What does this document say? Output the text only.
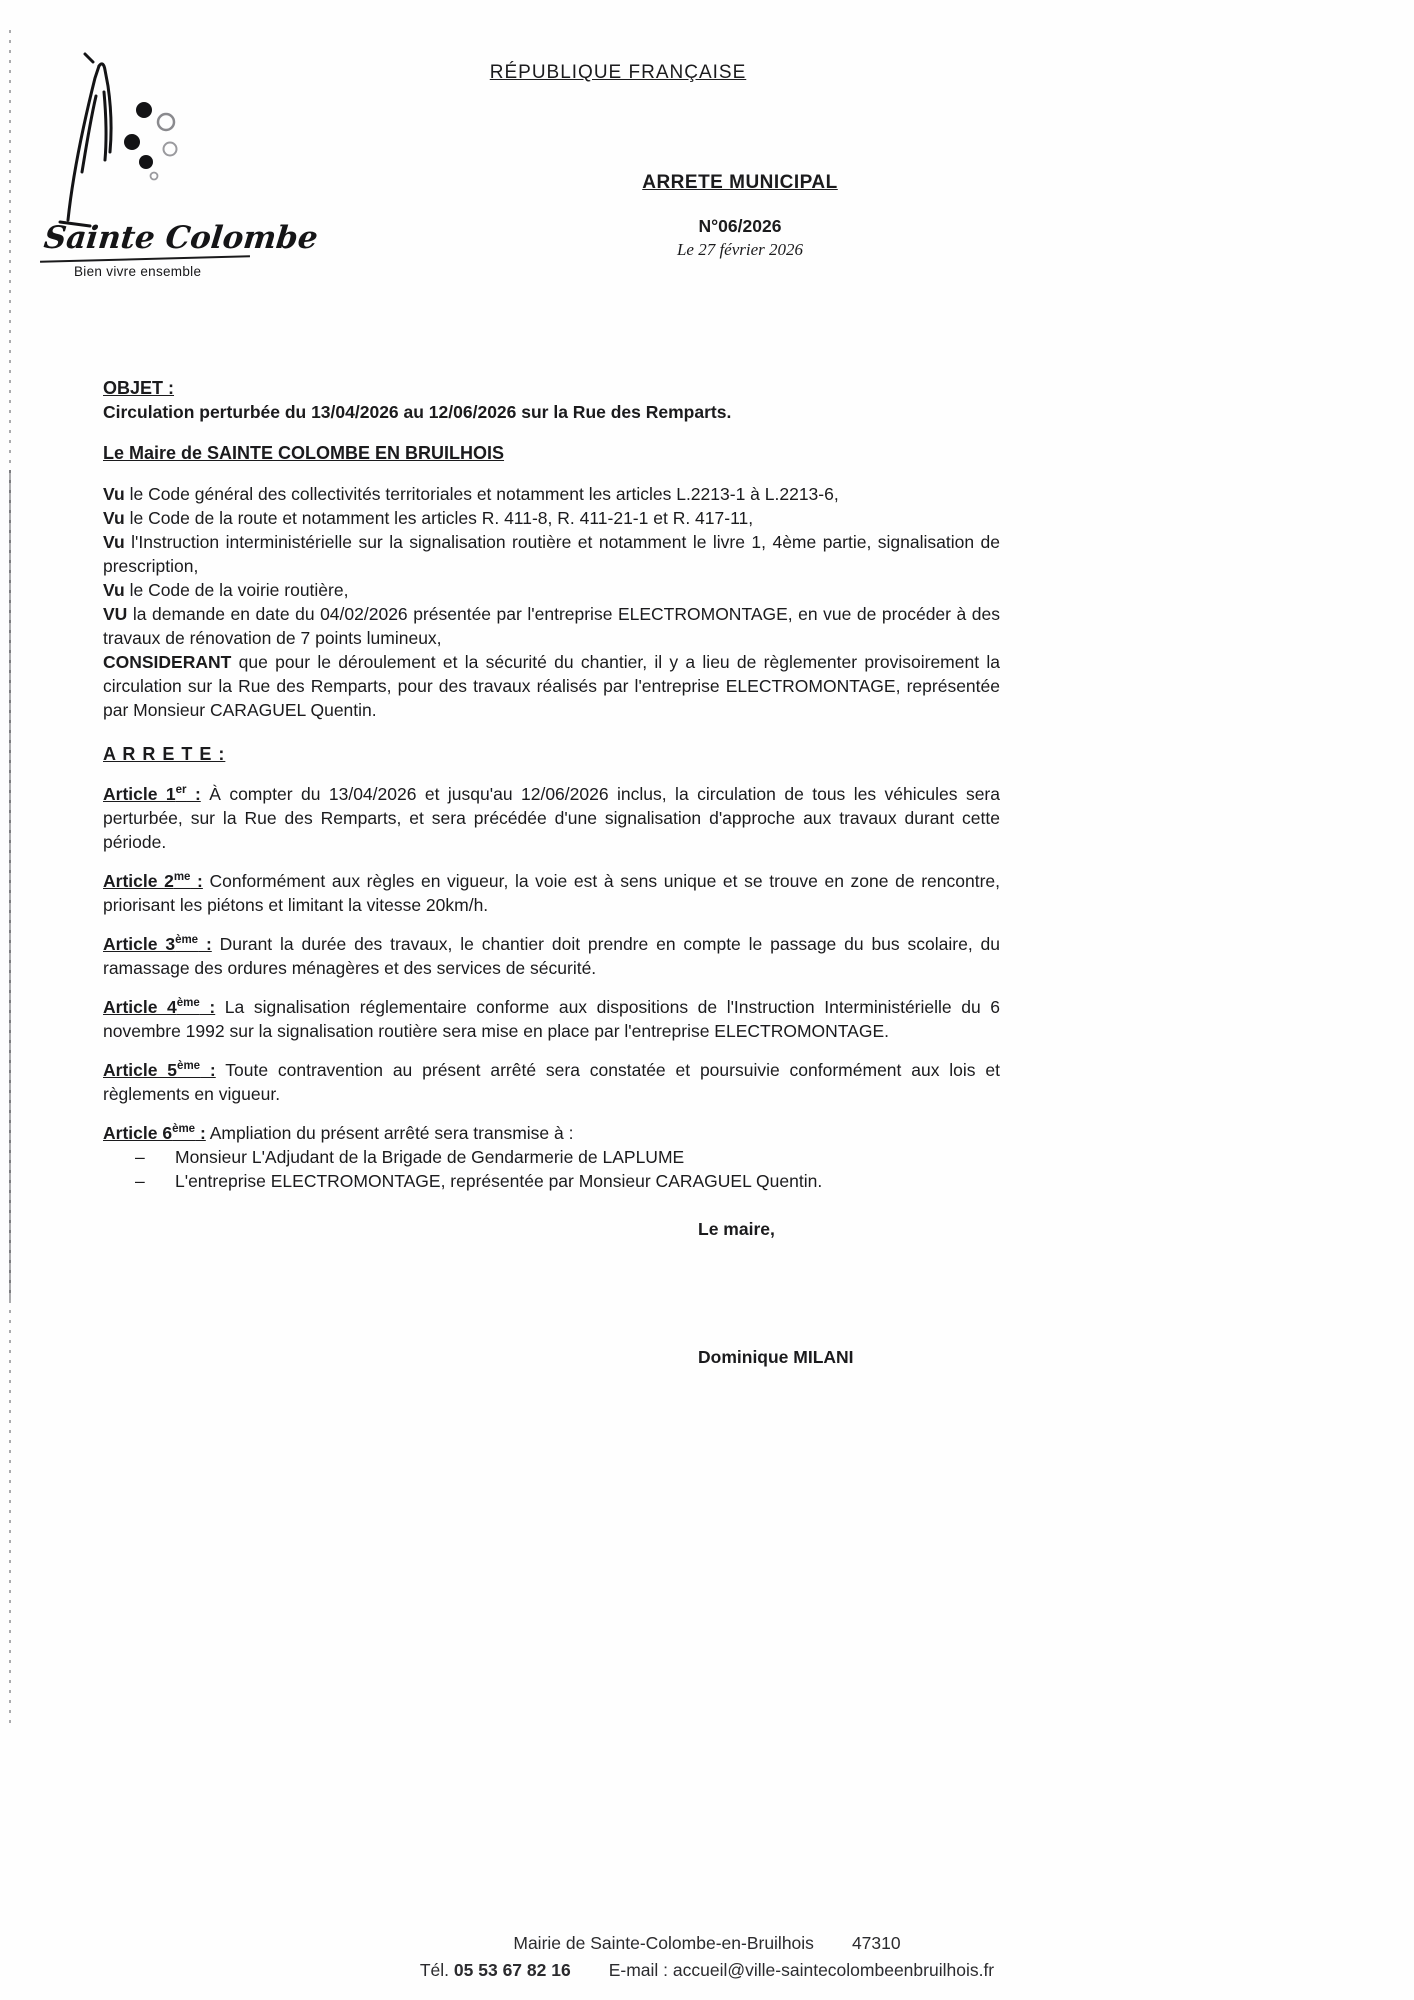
Sainte Colombe
Bien vivre ensemble
RÉPUBLIQUE FRANÇAISE
ARRETE MUNICIPAL
N°06/2026
Le 27 février 2026
OBJET :
Circulation perturbée du 13/04/2026 au 12/06/2026 sur la Rue des Remparts.
Le Maire de SAINTE COLOMBE EN BRUILHOIS

Vu le Code général des collectivités territoriales et notamment les articles L.2213-1 à L.2213-6,

Vu le Code de la route et notamment les articles R. 411-8, R. 411-21-1 et R. 417-11,

Vu l'Instruction interministérielle sur la signalisation routière et notamment le livre 1, 4ème partie, signalisation de prescription,

Vu le Code de la voirie routière,

VU la demande en date du 04/02/2026 présentée par l'entreprise ELECTROMONTAGE, en vue de procéder à des travaux de rénovation de 7 points lumineux,

CONSIDERANT que pour le déroulement et la sécurité du chantier, il y a lieu de règlementer provisoirement la circulation sur la Rue des Remparts, pour des travaux réalisés par l'entreprise ELECTROMONTAGE, représentée par Monsieur CARAGUEL Quentin.

A R R E T E :

Article 1er : À compter du 13/04/2026 et jusqu'au 12/06/2026 inclus, la circulation de tous les véhicules sera perturbée, sur la Rue des Remparts, et sera précédée d'une signalisation d'approche aux travaux durant cette période.

Article $2^{me}$ : Conformément aux règles en vigueur, la voie est à sens unique et se trouve en zone de rencontre, priorisant les piétons et limitant la vitesse 20km/h.

Article 3ème : Durant la durée des travaux, le chantier doit prendre en compte le passage du bus scolaire, du ramassage des ordures ménagères et des services de sécurité.

Article 4ème : La signalisation réglementaire conforme aux dispositions de l'Instruction Interministérielle du 6 novembre 1992 sur la signalisation routière sera mise en place par l'entreprise ELECTROMONTAGE.

Article 5ème : Toute contravention au présent arrêté sera constatée et poursuivie conformément aux lois et règlements en vigueur.

Article 6ème : Ampliation du présent arrêté sera transmise à :

–	Monsieur L'Adjudant de la Brigade de Gendarmerie de LAPLUME
–	L'entreprise ELECTROMONTAGE, représentée par Monsieur CARAGUEL Quentin.
Le maire,
Dominique MILANI
Mairie de Sainte-Colombe-en-Bruilhois 47310
Tél. 05 53 67 82 16 E-mail : accueil@ville-saintecolombeenbruilhois.fr
